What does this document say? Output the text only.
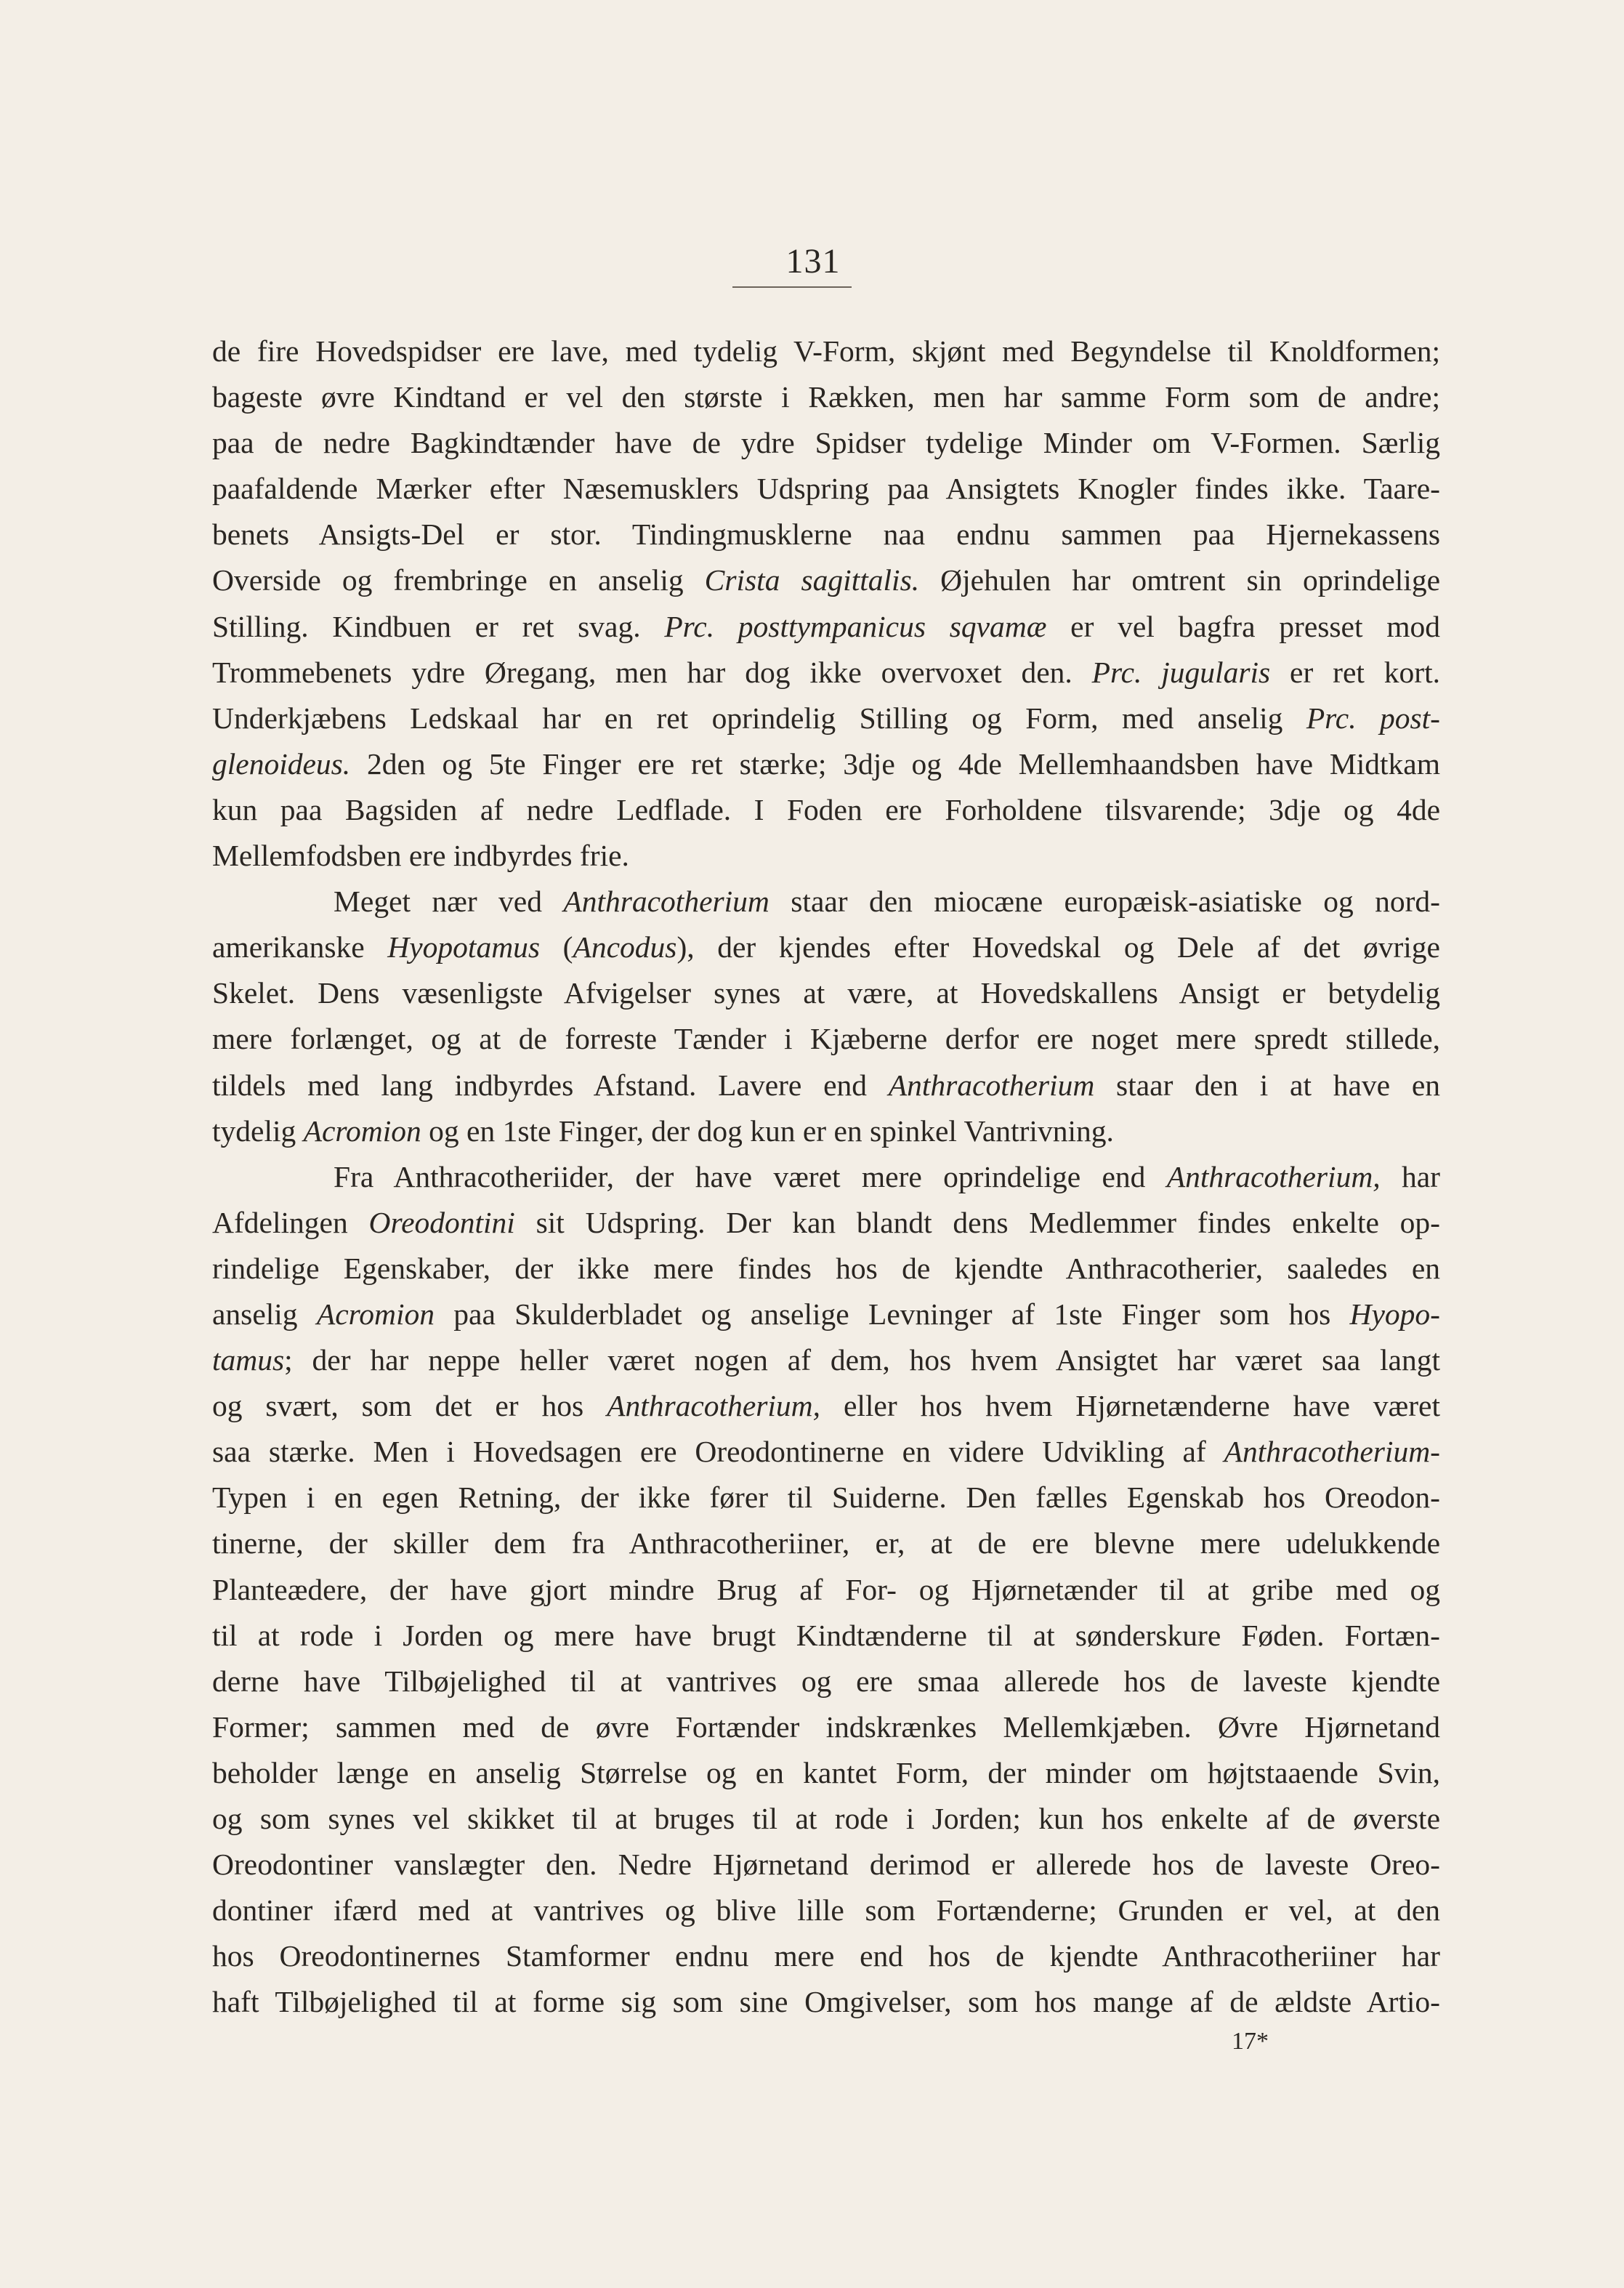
131
de fire Hovedspidser ere lave, med tydelig V-Form, skjønt med Begyndelse til Knoldformen;
bageste øvre Kindtand er vel den største i Rækken, men har samme Form som de andre;
paa de nedre Bagkindtænder have de ydre Spidser tydelige Minder om V-Formen. Særlig
paafaldende Mærker efter Næsemusklers Udspring paa Ansigtets Knogler findes ikke. Taare-
benets Ansigts-Del er stor. Tindingmusklerne naa endnu sammen paa Hjernekassens
Overside og frembringe en anselig Crista sagittalis. Øjehulen har omtrent sin oprindelige
Stilling. Kindbuen er ret svag. Prc. posttympanicus sqvamæ er vel bagfra presset mod
Trommebenets ydre Øregang, men har dog ikke overvoxet den. Prc. jugularis er ret kort.
Underkjæbens Ledskaal har en ret oprindelig Stilling og Form, med anselig Prc. post-
glenoideus. 2den og 5te Finger ere ret stærke; 3dje og 4de Mellemhaandsben have Midtkam
kun paa Bagsiden af nedre Ledflade. I Foden ere Forholdene tilsvarende; 3dje og 4de
Mellemfodsben ere indbyrdes frie.
Meget nær ved Anthracotherium staar den miocæne europæisk-asiatiske og nord-
amerikanske Hyopotamus (Ancodus), der kjendes efter Hovedskal og Dele af det øvrige
Skelet. Dens væsenligste Afvigelser synes at være, at Hovedskallens Ansigt er betydelig
mere forlænget, og at de forreste Tænder i Kjæberne derfor ere noget mere spredt stillede,
tildels med lang indbyrdes Afstand. Lavere end Anthracotherium staar den i at have en
tydelig Acromion og en 1ste Finger, der dog kun er en spinkel Vantrivning.
Fra Anthracotheriider, der have været mere oprindelige end Anthracotherium, har
Afdelingen Oreodontini sit Udspring. Der kan blandt dens Medlemmer findes enkelte op-
rindelige Egenskaber, der ikke mere findes hos de kjendte Anthracotherier, saaledes en
anselig Acromion paa Skulderbladet og anselige Levninger af 1ste Finger som hos Hyopo-
tamus; der har neppe heller været nogen af dem, hos hvem Ansigtet har været saa langt
og svært, som det er hos Anthracotherium, eller hos hvem Hjørnetænderne have været
saa stærke. Men i Hovedsagen ere Oreodontinerne en videre Udvikling af Anthracotherium-
Typen i en egen Retning, der ikke fører til Suiderne. Den fælles Egenskab hos Oreodon-
tinerne, der skiller dem fra Anthracotheriiner, er, at de ere blevne mere udelukkende
Planteædere, der have gjort mindre Brug af For- og Hjørnetænder til at gribe med og
til at rode i Jorden og mere have brugt Kindtænderne til at sønderskure Føden. Fortæn-
derne have Tilbøjelighed til at vantrives og ere smaa allerede hos de laveste kjendte
Former; sammen med de øvre Fortænder indskrænkes Mellemkjæben. Øvre Hjørnetand
beholder længe en anselig Størrelse og en kantet Form, der minder om højtstaaende Svin,
og som synes vel skikket til at bruges til at rode i Jorden; kun hos enkelte af de øverste
Oreodontiner vanslægter den. Nedre Hjørnetand derimod er allerede hos de laveste Oreo-
dontiner ifærd med at vantrives og blive lille som Fortænderne; Grunden er vel, at den
hos Oreodontinernes Stamformer endnu mere end hos de kjendte Anthracotheriiner har
haft Tilbøjelighed til at forme sig som sine Omgivelser, som hos mange af de ældste Artio-
17*
